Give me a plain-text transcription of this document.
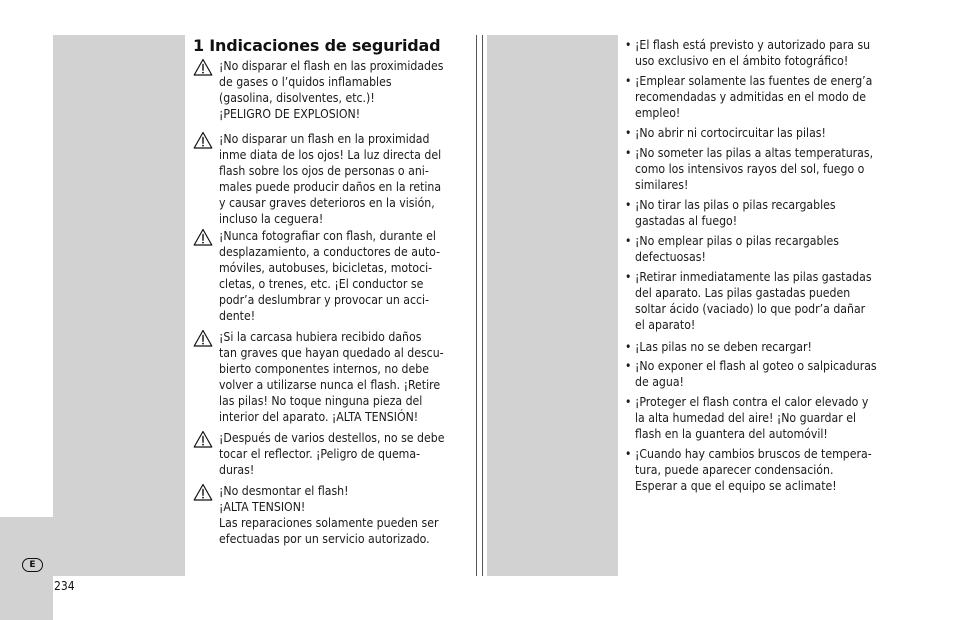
1 Indicaciones de seguridad
¡No disparar el flash en las proximidades
de gases o l’quidos inflamables
(gasolina, disolventes, etc.)!
¡PELIGRO DE EXPLOSION!
¡No disparar un flash en la proximidad
inme diata de los ojos! La luz directa del
flash sobre los ojos de personas o ani-
males puede producir daños en la retina
y causar graves deterioros en la visión,
incluso la ceguera!
¡Nunca fotografiar con flash, durante el
desplazamiento, a conductores de auto-
móviles, autobuses, bicicletas, motoci-
cletas, o trenes, etc. ¡El conductor se
podr’a deslumbrar y provocar un acci-
dente!
¡Si la carcasa hubiera recibido daños
tan graves que hayan quedado al descu-
bierto componentes internos, no debe
volver a utilizarse nunca el flash. ¡Retire
las pilas! No toque ninguna pieza del
interior del aparato. ¡ALTA TENSIÓN!
¡Después de varios destellos, no se debe
tocar el reflector. ¡Peligro de quema-
duras!
¡No desmontar el flash!
¡ALTA TENSION!
Las reparaciones solamente pueden ser
efectuadas por un servicio autorizado.
• ¡El flash está previsto y autorizado para su
uso exclusivo en el ámbito fotográfico!
• ¡Emplear solamente las fuentes de energ’a
recomendadas y admitidas en el modo de
empleo!
• ¡No abrir ni cortocircuitar las pilas!
• ¡No someter las pilas a altas temperaturas,
como los intensivos rayos del sol, fuego o
similares!
• ¡No tirar las pilas o pilas recargables
gastadas al fuego!
• ¡No emplear pilas o pilas recargables
defectuosas!
• ¡Retirar inmediatamente las pilas gastadas
del aparato. Las pilas gastadas pueden
soltar ácido (vaciado) lo que podr’a dañar
el aparato!
• ¡Las pilas no se deben recargar!
• ¡No exponer el flash al goteo o salpicaduras
de agua!
• ¡Proteger el flash contra el calor elevado y
la alta humedad del aire! ¡No guardar el
flash en la guantera del automóvil!
• ¡Cuando hay cambios bruscos de tempera-
tura, puede aparecer condensación.
Esperar a que el equipo se aclimate!
E
234
